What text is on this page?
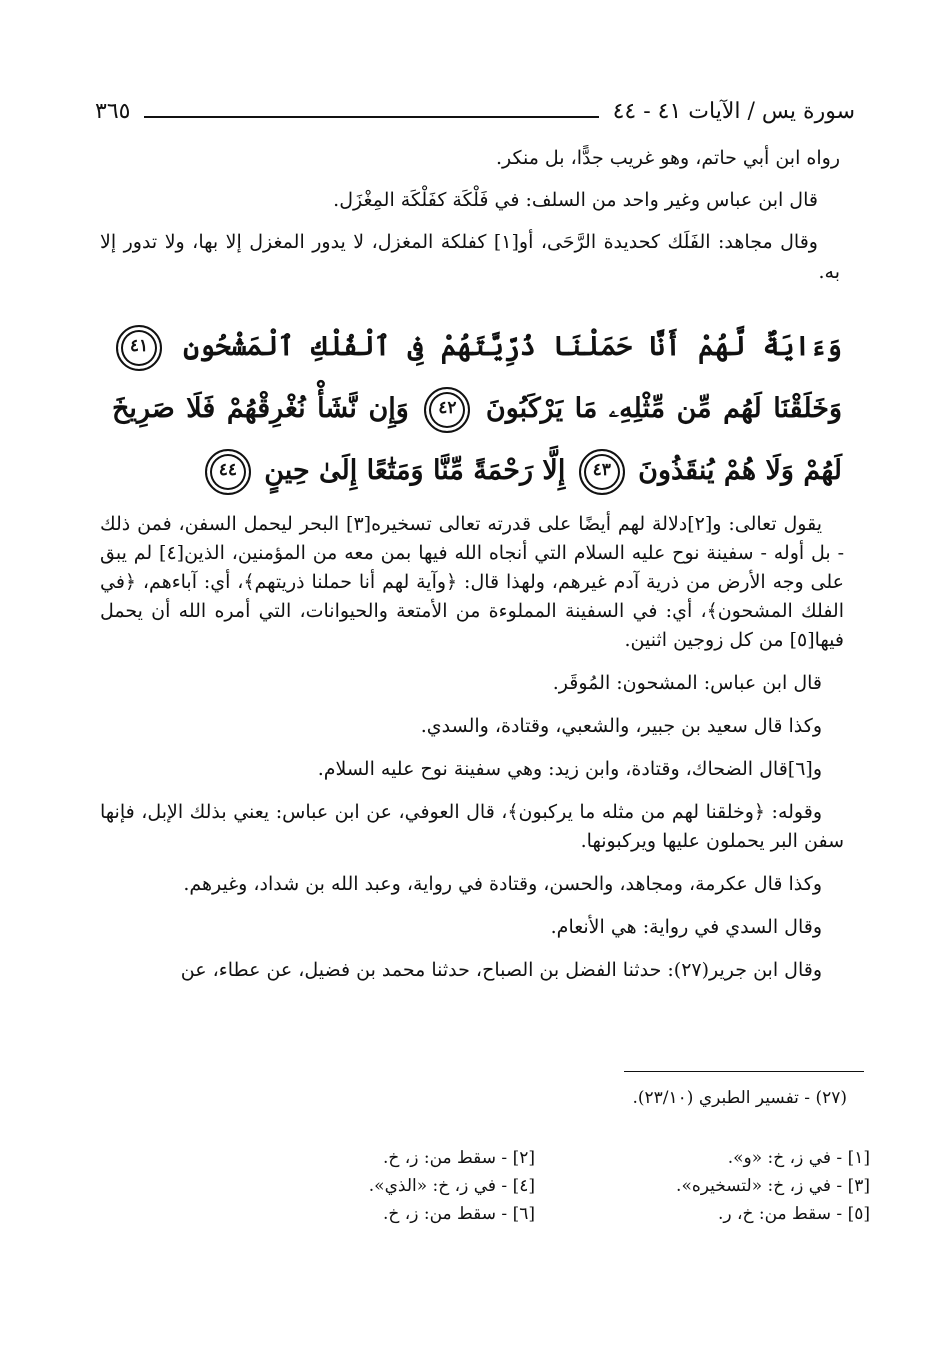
سورة يس / الآيات ٤١ - ٤٤
٣٦٥

رواه ابن أبي حاتم، وهو غريب جدًّا، بل منكر.

قال ابن عباس وغير واحد من السلف: في فَلْكَة كفَلْكَة المِغْزَل.

وقال مجاهد: الفَلَك كحديدة الرَّحَى، أو[١] كفلكة المغزل، لا يدور المغزل إلا بها، ولا تدور إلا به.

وَءَايَةٌ لَّهُمْ أَنَّا حَمَلْنَا ذُرِّيَّتَهُمْ فِى ٱلْفُلْكِ ٱلْمَشْحُونِ ٤١ وَخَلَقْنَا لَهُم مِّن مِّثْلِهِۦ مَا يَرْكَبُونَ ٤٢ وَإِن نَّشَأْ نُغْرِقْهُمْ فَلَا صَرِيخَ لَهُمْ وَلَا هُمْ يُنقَذُونَ ٤٣ إِلَّا رَحْمَةً مِّنَّا وَمَتَٰعًا إِلَىٰ حِينٍ ٤٤

يقول تعالى: و[٢]دلالة لهم أيضًا على قدرته تعالى تسخيره[٣] البحر ليحمل السفن، فمن ذلك - بل أوله - سفينة نوح عليه السلام التي أنجاه الله فيها بمن معه من المؤمنين، الذين[٤] لم يبق على وجه الأرض من ذرية آدم غيرهم، ولهذا قال: ﴿وآية لهم أنا حملنا ذريتهم﴾، أي: آباءهم، ﴿في الفلك المشحون﴾، أي: في السفينة المملوءة من الأمتعة والحيوانات، التي أمره الله أن يحمل فيها[٥] من كل زوجين اثنين.

قال ابن عباس: المشحون: المُوقَر.

وكذا قال سعيد بن جبير، والشعبي، وقتادة، والسدي.

و[٦]قال الضحاك، وقتادة، وابن زيد: وهي سفينة نوح عليه السلام.

وقوله: ﴿وخلقنا لهم من مثله ما يركبون﴾، قال العوفي، عن ابن عباس: يعني بذلك الإبل، فإنها سفن البر يحملون عليها ويركبونها.

وكذا قال عكرمة، ومجاهد، والحسن، وقتادة في رواية، وعبد الله بن شداد، وغيرهم.

وقال السدي في رواية: هي الأنعام.

وقال ابن جرير(٢٧): حدثنا الفضل بن الصباح، حدثنا محمد بن فضيل، عن عطاء، عن

(٢٧) - تفسير الطبري (٢٣/١٠).
[١] - في ز، خ: «و».
[٢] - سقط من: ز، خ.
[٣] - في ز، خ: «لتسخيره».
[٤] - في ز، خ: «الذي».
[٥] - سقط من: خ، ر.
[٦] - سقط من: ز، خ.
